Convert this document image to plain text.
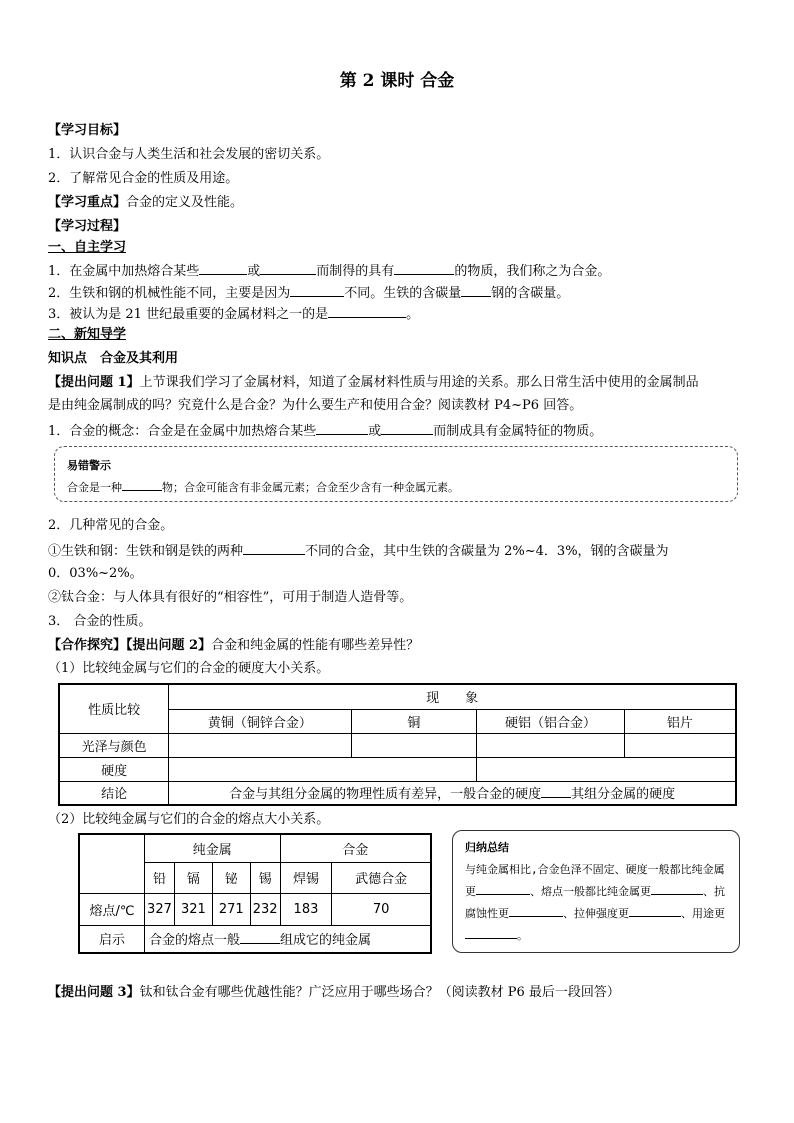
第 2 课时 合金
【学习目标】
1．认识合金与人类生活和社会发展的密切关系。
2．了解常见合金的性质及用途。
【学习重点】合金的定义及性能。
【学习过程】
一、自主学习
1．在金属中加热熔合某些	或	而制得的具有	的物质，我们称之为合金。
2．生铁和钢的机械性能不同，主要是因为	不同。生铁的含碳量 钢的含碳量。
3．被认为是 21 世纪最重要的金属材料之一的是	。
二、新知导学
知识点　合金及其利用
【提出问题 1】上节课我们学习了金属材料，知道了金属材料性质与用途的关系。那么日常生活中使用的金属制品
是由纯金属制成的吗？究竟什么是合金？为什么要生产和使用合金？阅读教材 P4~P6 回答。
1．合金的概念：合金是在金属中加热熔合某些	或	而制成具有金属特征的物质。
易错警示
合金是一种	物；合金可能含有非金属元素；合金至少含有一种金属元素。
2．几种常见的合金。
①生铁和钢：生铁和钢是铁的两种	不同的合金，其中生铁的含碳量为 2%~4．3%，钢的含碳量为
0．03%~2%。
②钛合金：与人体具有很好的“相容性”，可用于制造人造骨等。
3． 合金的性质。
【合作探究】【提出问题 2】合金和纯金属的性能有哪些差异性？
（1）比较纯金属与它们的合金的硬度大小关系。
性质比较	现　　象			
	黄铜（铜锌合金）	铜	硬铝（铝合金）	铝片
光泽与颜色				
硬度				
结论	合金与其组分金属的物理性质有差异，一般合金的硬度 其组分金属的硬度			
（2）比较纯金属与它们的合金的熔点大小关系。
	纯金属				合金	
	铅	镉	铋	锡	焊锡	武德合金
熔点/℃	327	321	271	232	183	70
启示	合金的熔点一般 组成它的纯金属					
归纳总结
与纯金属相比,合金色泽不固定、硬度一般都比纯金属更	、熔点一般都比纯金属更	、抗腐蚀性更	、拉伸强度更	、用途更。
【提出问题 3】钛和钛合金有哪些优越性能？广泛应用于哪些场合？（阅读教材 P6 最后一段回答）
